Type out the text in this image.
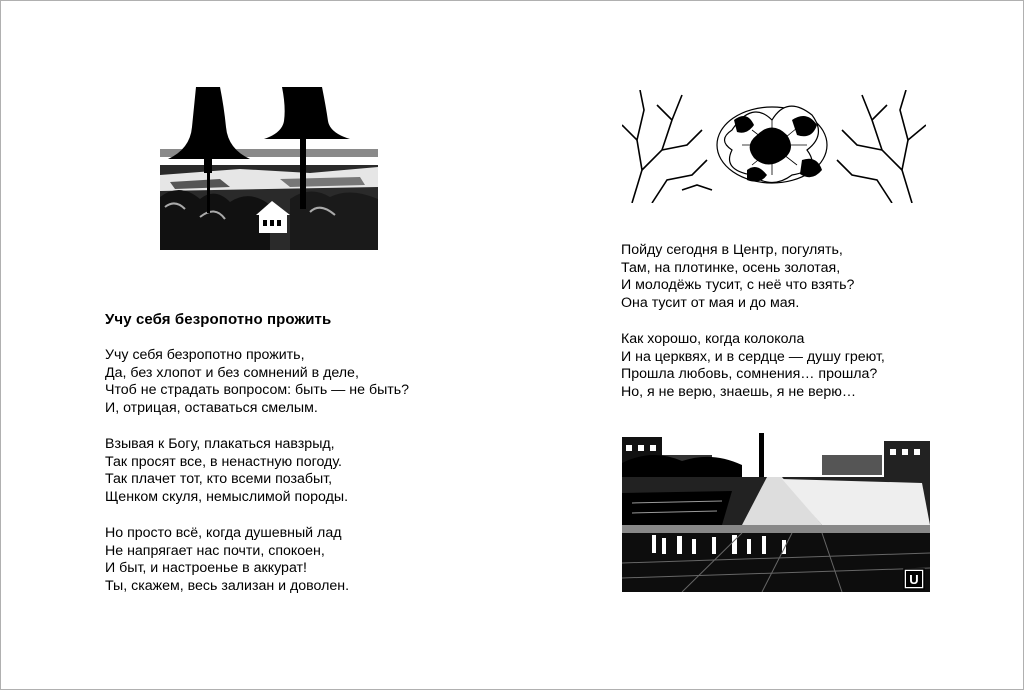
Учу себя безропотно прожить
Учу себя безропотно прожить,
Да, без хлопот и без сомнений в деле,
Чтоб не страдать вопросом: быть — не быть?
И, отрицая, оставаться смелым.
Взывая к Богу, плакаться навзрыд,
Так просят все, в ненастную погоду.
Так плачет тот, кто всеми позабыт,
Щенком скуля, немыслимой породы.
Но просто всё, когда душевный лад
Не напрягает нас почти, спокоен,
И быт, и настроенье в аккурат!
Ты, скажем, весь зализан и доволен.
Пойду сегодня в Центр, погулять,
Там, на плотинке, осень золотая,
И молодёжь тусит, с неё что взять?
Она тусит от мая и до мая.
Как хорошо, когда колокола
И на церквях, и в сердце — душу греют,
Прошла любовь, сомнения… прошла?
Но, я не верю, знаешь, я не верю…
U
